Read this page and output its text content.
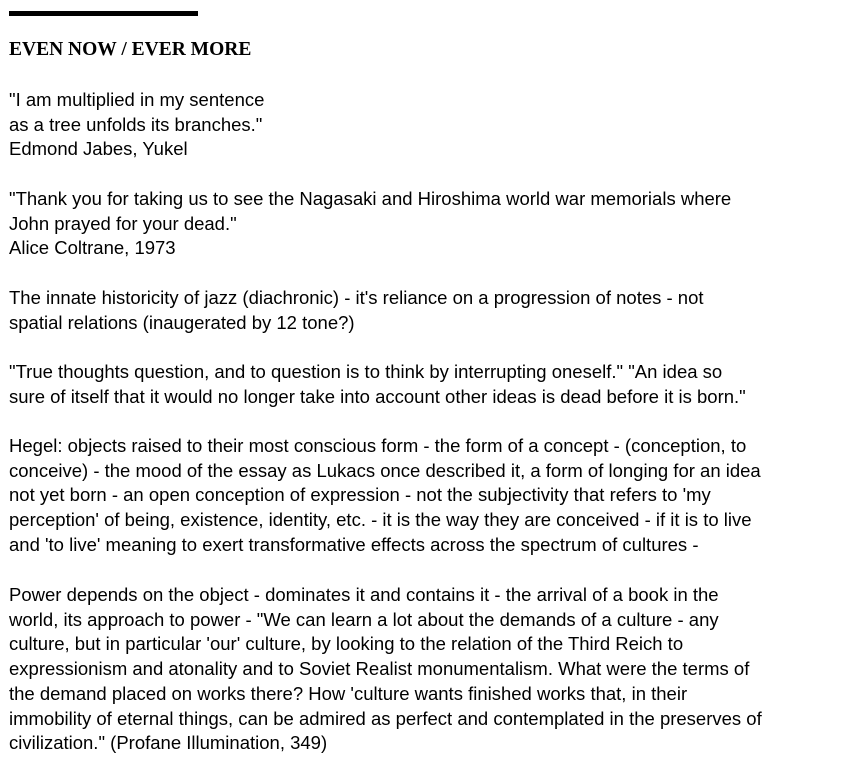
EVEN NOW / EVER MORE

"I am multiplied in my sentence
as a tree unfolds its branches."
Edmond Jabes, Yukel

"Thank you for taking us to see the Nagasaki and Hiroshima world war memorials where
John prayed for your dead."
Alice Coltrane, 1973

The innate historicity of jazz (diachronic) - it's reliance on a progression of notes - not
spatial relations (inaugerated by 12 tone?)

"True thoughts question, and to question is to think by interrupting oneself." "An idea so
sure of itself that it would no longer take into account other ideas is dead before it is born."

Hegel: objects raised to their most conscious form - the form of a concept - (conception, to
conceive) - the mood of the essay as Lukacs once described it, a form of longing for an idea
not yet born - an open conception of expression - not the subjectivity that refers to 'my
perception' of being, existence, identity, etc. - it is the way they are conceived - if it is to live
and 'to live' meaning to exert transformative effects across the spectrum of cultures -

Power depends on the object - dominates it and contains it - the arrival of a book in the
world, its approach to power - "We can learn a lot about the demands of a culture - any
culture, but in particular 'our' culture, by looking to the relation of the Third Reich to
expressionism and atonality and to Soviet Realist monumentalism. What were the terms of
the demand placed on works there? How 'culture wants finished works that, in their
immobility of eternal things, can be admired as perfect and contemplated in the preserves of
civilization." (Profane Illumination, 349)
